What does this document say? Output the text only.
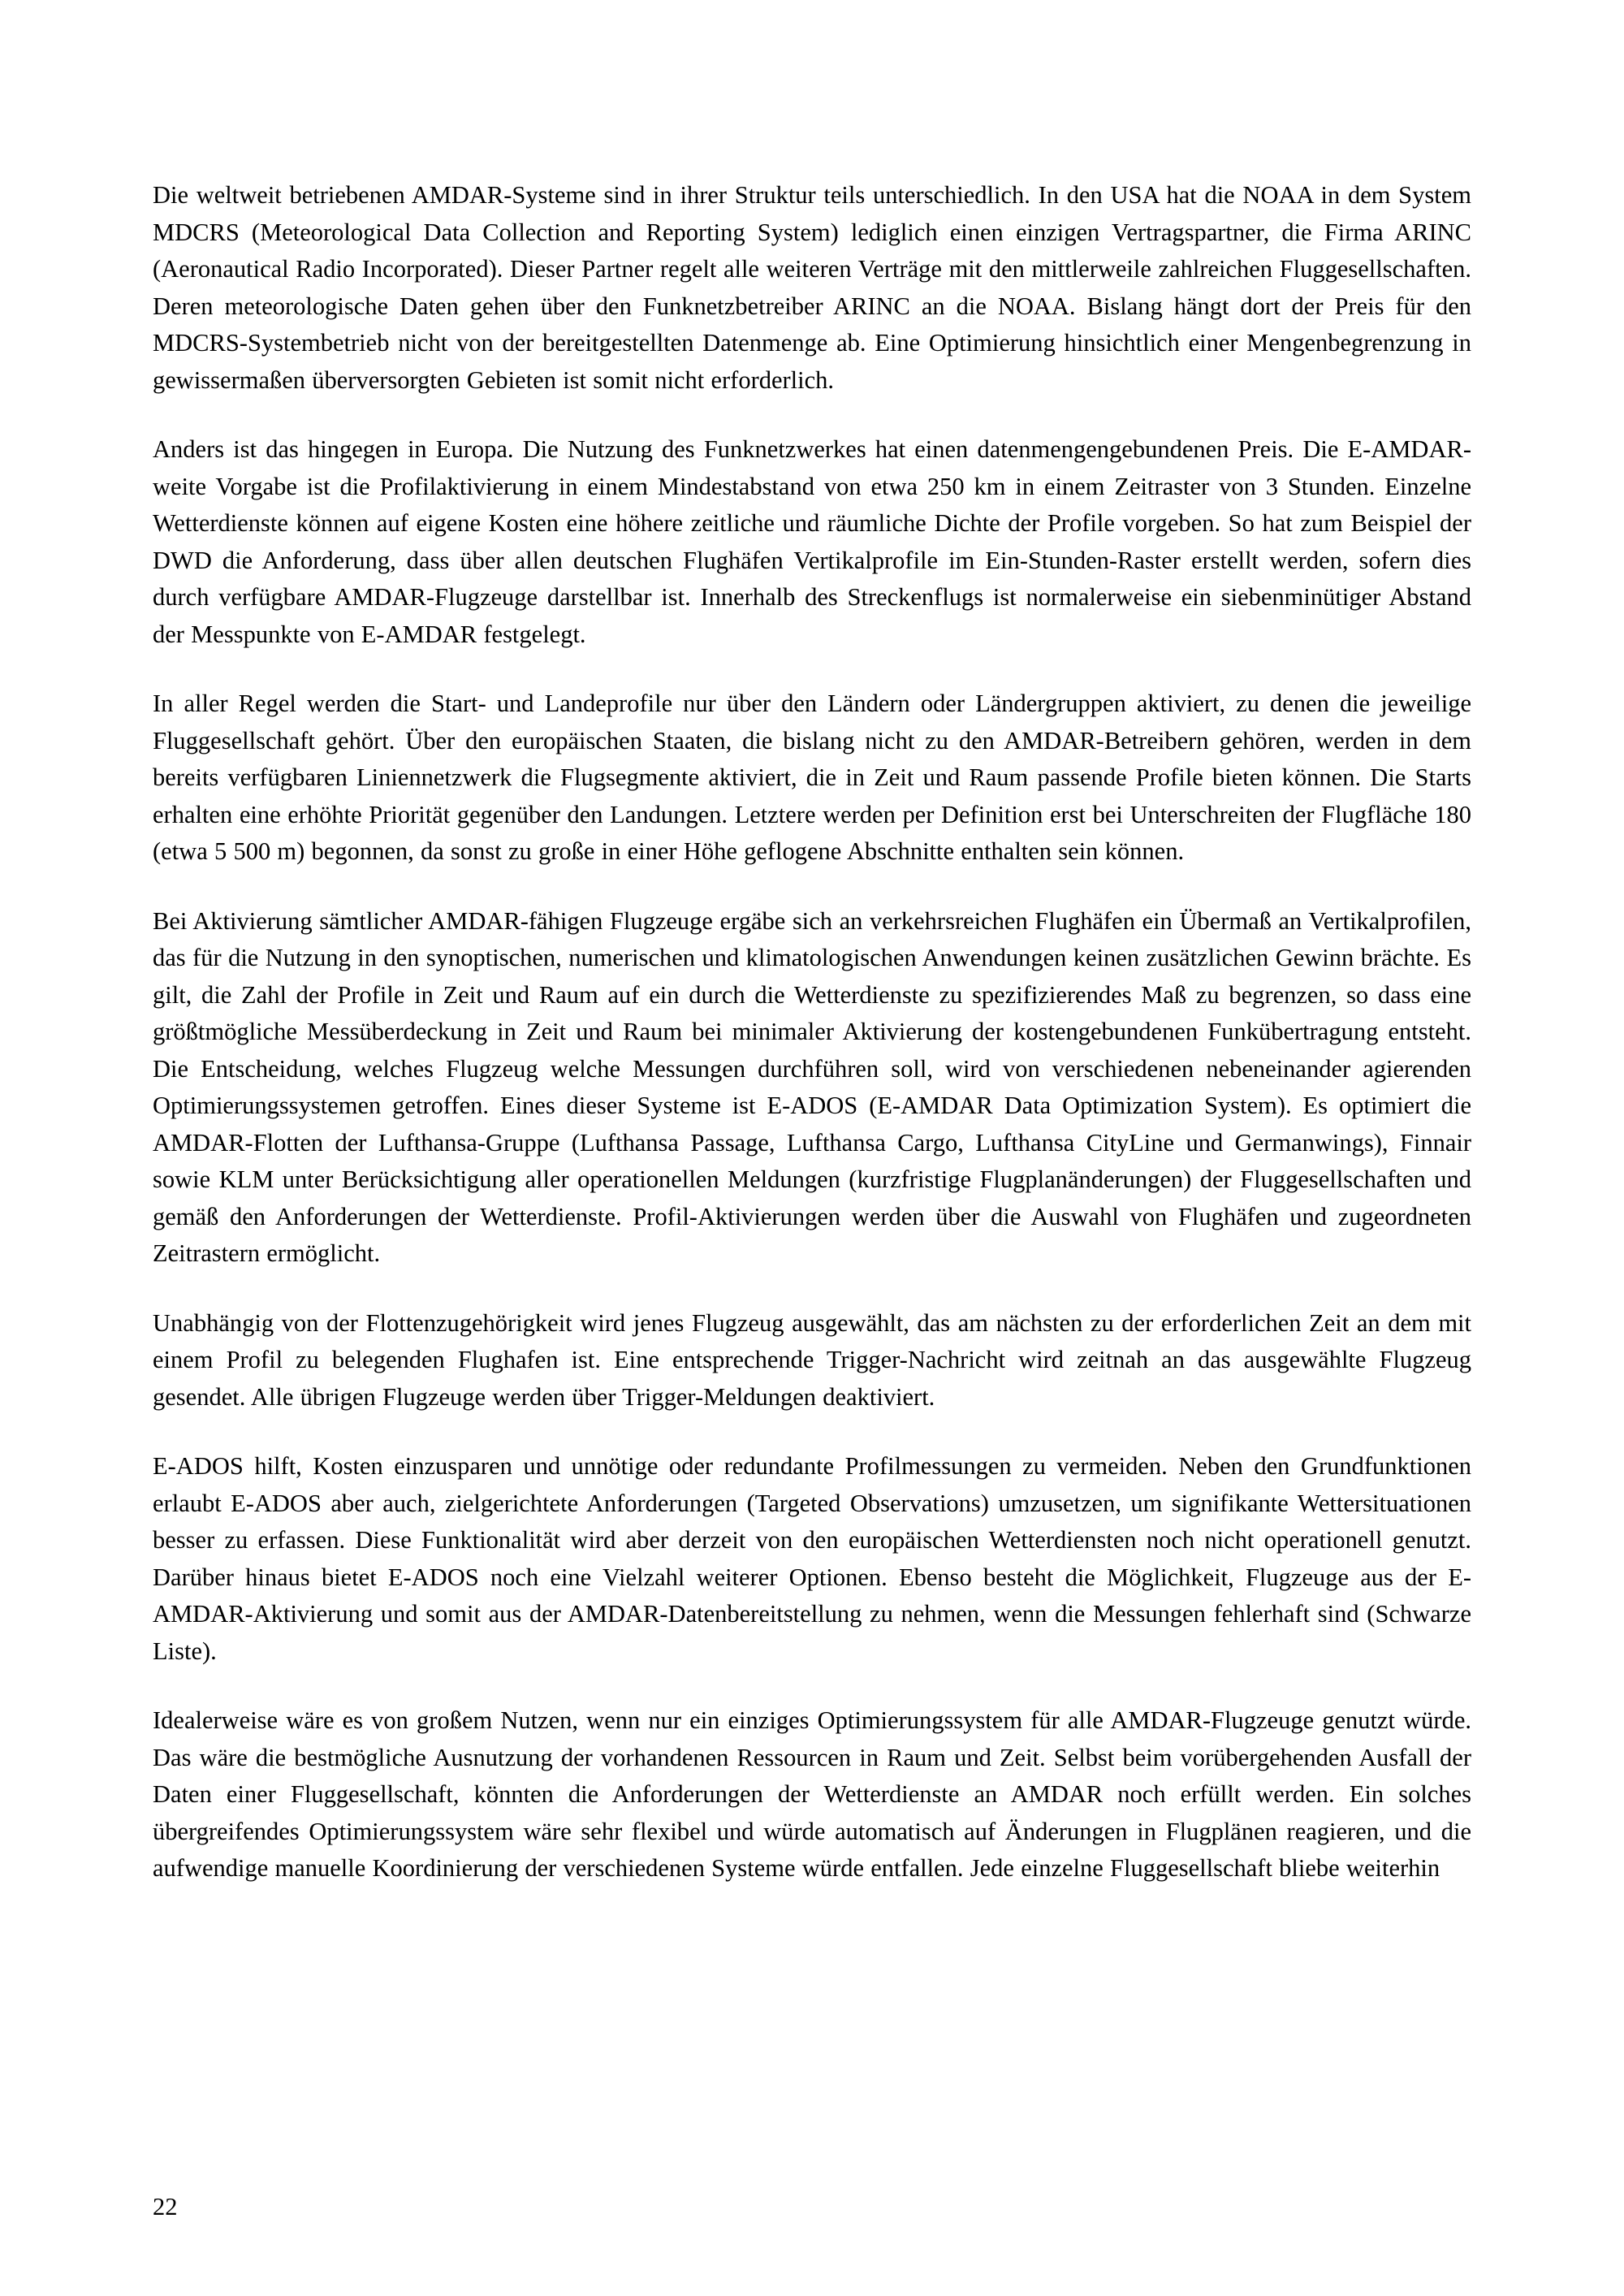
Die weltweit betriebenen AMDAR-Systeme sind in ihrer Struktur teils unterschiedlich. In den USA hat die NOAA in dem System MDCRS (Meteorological Data Collection and Reporting System) lediglich einen einzigen Vertragspartner, die Firma ARINC (Aeronautical Radio Incorporated). Dieser Partner regelt alle weiteren Verträge mit den mittlerweile zahlreichen Fluggesellschaften. Deren meteorologische Daten gehen über den Funknetzbetreiber ARINC an die NOAA. Bislang hängt dort der Preis für den MDCRS-Systembetrieb nicht von der bereitgestellten Datenmenge ab. Eine Optimierung hinsichtlich einer Mengenbegrenzung in gewissermaßen überversorgten Gebieten ist somit nicht erforderlich.

Anders ist das hingegen in Europa. Die Nutzung des Funknetzwerkes hat einen datenmengengebundenen Preis. Die E-AMDAR-weite Vorgabe ist die Profilaktivierung in einem Mindestabstand von etwa 250 km in einem Zeitraster von 3 Stunden. Einzelne Wetterdienste können auf eigene Kosten eine höhere zeitliche und räumliche Dichte der Profile vorgeben. So hat zum Beispiel der DWD die Anforderung, dass über allen deutschen Flughäfen Vertikalprofile im Ein-Stunden-Raster erstellt werden, sofern dies durch verfügbare AMDAR-Flugzeuge darstellbar ist. Innerhalb des Streckenflugs ist normalerweise ein siebenminütiger Abstand der Messpunkte von E-AMDAR festgelegt.

In aller Regel werden die Start- und Landeprofile nur über den Ländern oder Ländergruppen aktiviert, zu denen die jeweilige Fluggesellschaft gehört. Über den europäischen Staaten, die bislang nicht zu den AMDAR-Betreibern gehören, werden in dem bereits verfügbaren Liniennetzwerk die Flugsegmente aktiviert, die in Zeit und Raum passende Profile bieten können. Die Starts erhalten eine erhöhte Priorität gegenüber den Landungen. Letztere werden per Definition erst bei Unterschreiten der Flugfläche 180 (etwa 5 500 m) begonnen, da sonst zu große in einer Höhe geflogene Abschnitte enthalten sein können.

Bei Aktivierung sämtlicher AMDAR-fähigen Flugzeuge ergäbe sich an verkehrsreichen Flughäfen ein Übermaß an Vertikalprofilen, das für die Nutzung in den synoptischen, numerischen und klimatologischen Anwendungen keinen zusätzlichen Gewinn brächte. Es gilt, die Zahl der Profile in Zeit und Raum auf ein durch die Wetterdienste zu spezifizierendes Maß zu begrenzen, so dass eine größtmögliche Messüberdeckung in Zeit und Raum bei minimaler Aktivierung der kostengebundenen Funkübertragung entsteht. Die Entscheidung, welches Flugzeug welche Messungen durchführen soll, wird von verschiedenen nebeneinander agierenden Optimierungssystemen getroffen. Eines dieser Systeme ist E-ADOS (E-AMDAR Data Optimization System). Es optimiert die AMDAR-Flotten der Lufthansa-Gruppe (Lufthansa Passage, Lufthansa Cargo, Lufthansa CityLine und Germanwings), Finnair sowie KLM unter Berücksichtigung aller operationellen Meldungen (kurzfristige Flugplanänderungen) der Fluggesellschaften und gemäß den Anforderungen der Wetterdienste. Profil-Aktivierungen werden über die Auswahl von Flughäfen und zugeordneten Zeitrastern ermöglicht.

Unabhängig von der Flottenzugehörigkeit wird jenes Flugzeug ausgewählt, das am nächsten zu der erforderlichen Zeit an dem mit einem Profil zu belegenden Flughafen ist. Eine entsprechende Trigger-Nachricht wird zeitnah an das ausgewählte Flugzeug gesendet. Alle übrigen Flugzeuge werden über Trigger-Meldungen deaktiviert.

E-ADOS hilft, Kosten einzusparen und unnötige oder redundante Profilmessungen zu vermeiden. Neben den Grundfunktionen erlaubt E-ADOS aber auch, zielgerichtete Anforderungen (Targeted Observations) umzusetzen, um signifikante Wettersituationen besser zu erfassen. Diese Funktionalität wird aber derzeit von den europäischen Wetterdiensten noch nicht operationell genutzt. Darüber hinaus bietet E-ADOS noch eine Vielzahl weiterer Optionen. Ebenso besteht die Möglichkeit, Flugzeuge aus der E-AMDAR-Aktivierung und somit aus der AMDAR-Datenbereitstellung zu nehmen, wenn die Messungen fehlerhaft sind (Schwarze Liste).

Idealerweise wäre es von großem Nutzen, wenn nur ein einziges Optimierungssystem für alle AMDAR-Flugzeuge genutzt würde. Das wäre die bestmögliche Ausnutzung der vorhandenen Ressourcen in Raum und Zeit. Selbst beim vorübergehenden Ausfall der Daten einer Fluggesellschaft, könnten die Anforderungen der Wetterdienste an AMDAR noch erfüllt werden. Ein solches übergreifendes Optimierungssystem wäre sehr flexibel und würde automatisch auf Änderungen in Flugplänen reagieren, und die aufwendige manuelle Koordinierung der verschiedenen Systeme würde entfallen. Jede einzelne Fluggesellschaft bliebe weiterhin

22
